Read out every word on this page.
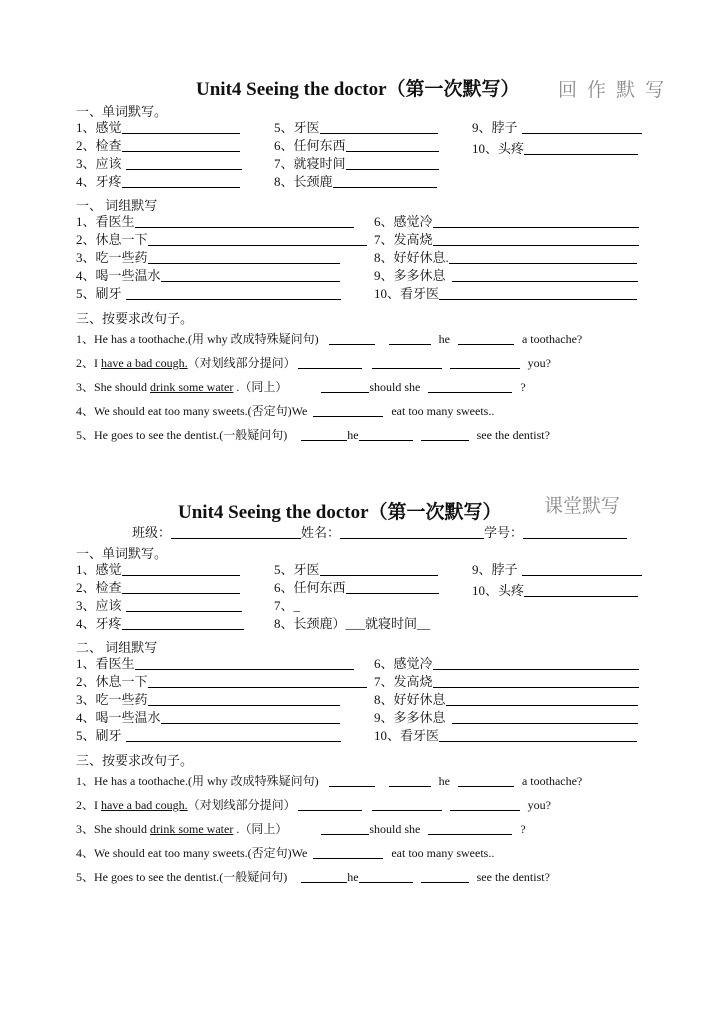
Unit4 Seeing the doctor（第一次默写） 回 作 默 写
一、单词默写。
1、感觉
2、检查
3、应该
4、牙疼
5、牙医
6、任何东西
7、就寝时间
8、长颈鹿
9、脖子
10、头疼
一、 词组默写
1、看医生
2、休息一下
3、吃一些药
4、喝一些温水
5、刷牙
6、感觉冷
7、发高烧
8、好好休息.
9、多多休息
10、看牙医
三、按要求改句子。
1、He has a toothache.(用 why 改成特殊疑问句)	he	a toothache?
2、I have a bad cough.（对划线部分提问）	you?
3、She should drink some water .（同上）	should she	?
4、We should eat too many sweets.(否定句)We	eat too many sweets..
5、He goes to see the dentist.(一般疑问句)	he	see the dentist?
Unit4 Seeing the doctor（第一次默写） 课堂默写
班级：	姓名：	学号：
一、单词默写。
1、感觉
2、检查
3、应该
4、牙疼
5、牙医
6、任何东西
7、_
8、长颈鹿）___就寝时间__
9、脖子
10、头疼
二、 词组默写
1、看医生
2、休息一下
3、吃一些药
4、喝一些温水
5、刷牙
6、感觉冷
7、发高烧
8、好好休息
9、多多休息
10、看牙医
三、按要求改句子。
1、He has a toothache.(用 why 改成特殊疑问句)	he	a toothache?
2、I have a bad cough.（对划线部分提问）	you?
3、She should drink some water .（同上）	should she	?
4、We should eat too many sweets.(否定句)We	eat too many sweets..
5、He goes to see the dentist.(一般疑问句)	he	see the dentist?
